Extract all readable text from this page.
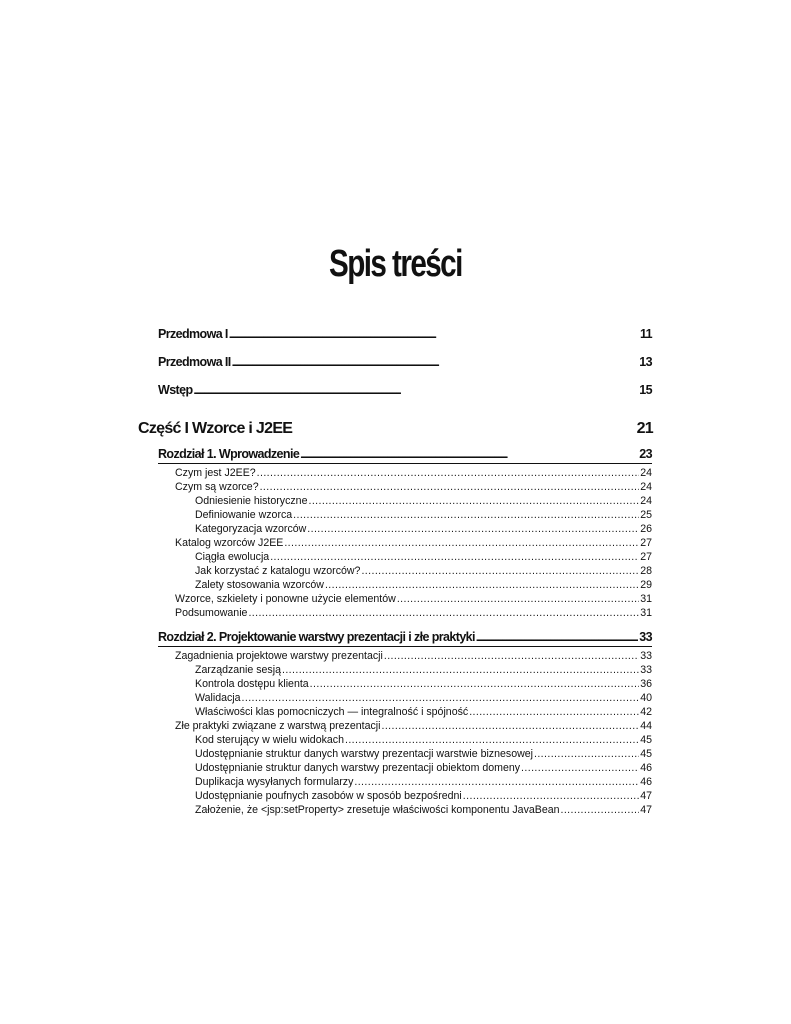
Spis treści
Przedmowa I .....	11
Przedmowa II .....	13
Wstęp .....	15
Część I Wzorce i J2EE	21
Rozdział 1. Wprowadzenie .....	23
Czym jest J2EE? .....	24
Czym są wzorce? .....	24
Odniesienie historyczne .....	24
Definiowanie wzorca .....	25
Kategoryzacja wzorców .....	26
Katalog wzorców J2EE .....	27
Ciągła ewolucja .....	27
Jak korzystać z katalogu wzorców? .....	28
Zalety stosowania wzorców .....	29
Wzorce, szkielety i ponowne użycie elementów .....	31
Podsumowanie .....	31
Rozdział 2. Projektowanie warstwy prezentacji i złe praktyki .....	33
Zagadnienia projektowe warstwy prezentacji .....	33
Zarządzanie sesją .....	33
Kontrola dostępu klienta .....	36
Walidacja .....	40
Właściwości klas pomocniczych — integralność i spójność .....	42
Złe praktyki związane z warstwą prezentacji .....	44
Kod sterujący w wielu widokach .....	45
Udostępnianie struktur danych warstwy prezentacji warstwie biznesowej .....	45
Udostępnianie struktur danych warstwy prezentacji obiektom domeny .....	46
Duplikacja wysyłanych formularzy .....	46
Udostępnianie poufnych zasobów w sposób bezpośredni .....	47
Założenie, że <jsp:setProperty> zresetuje właściwości komponentu JavaBean .....	47
